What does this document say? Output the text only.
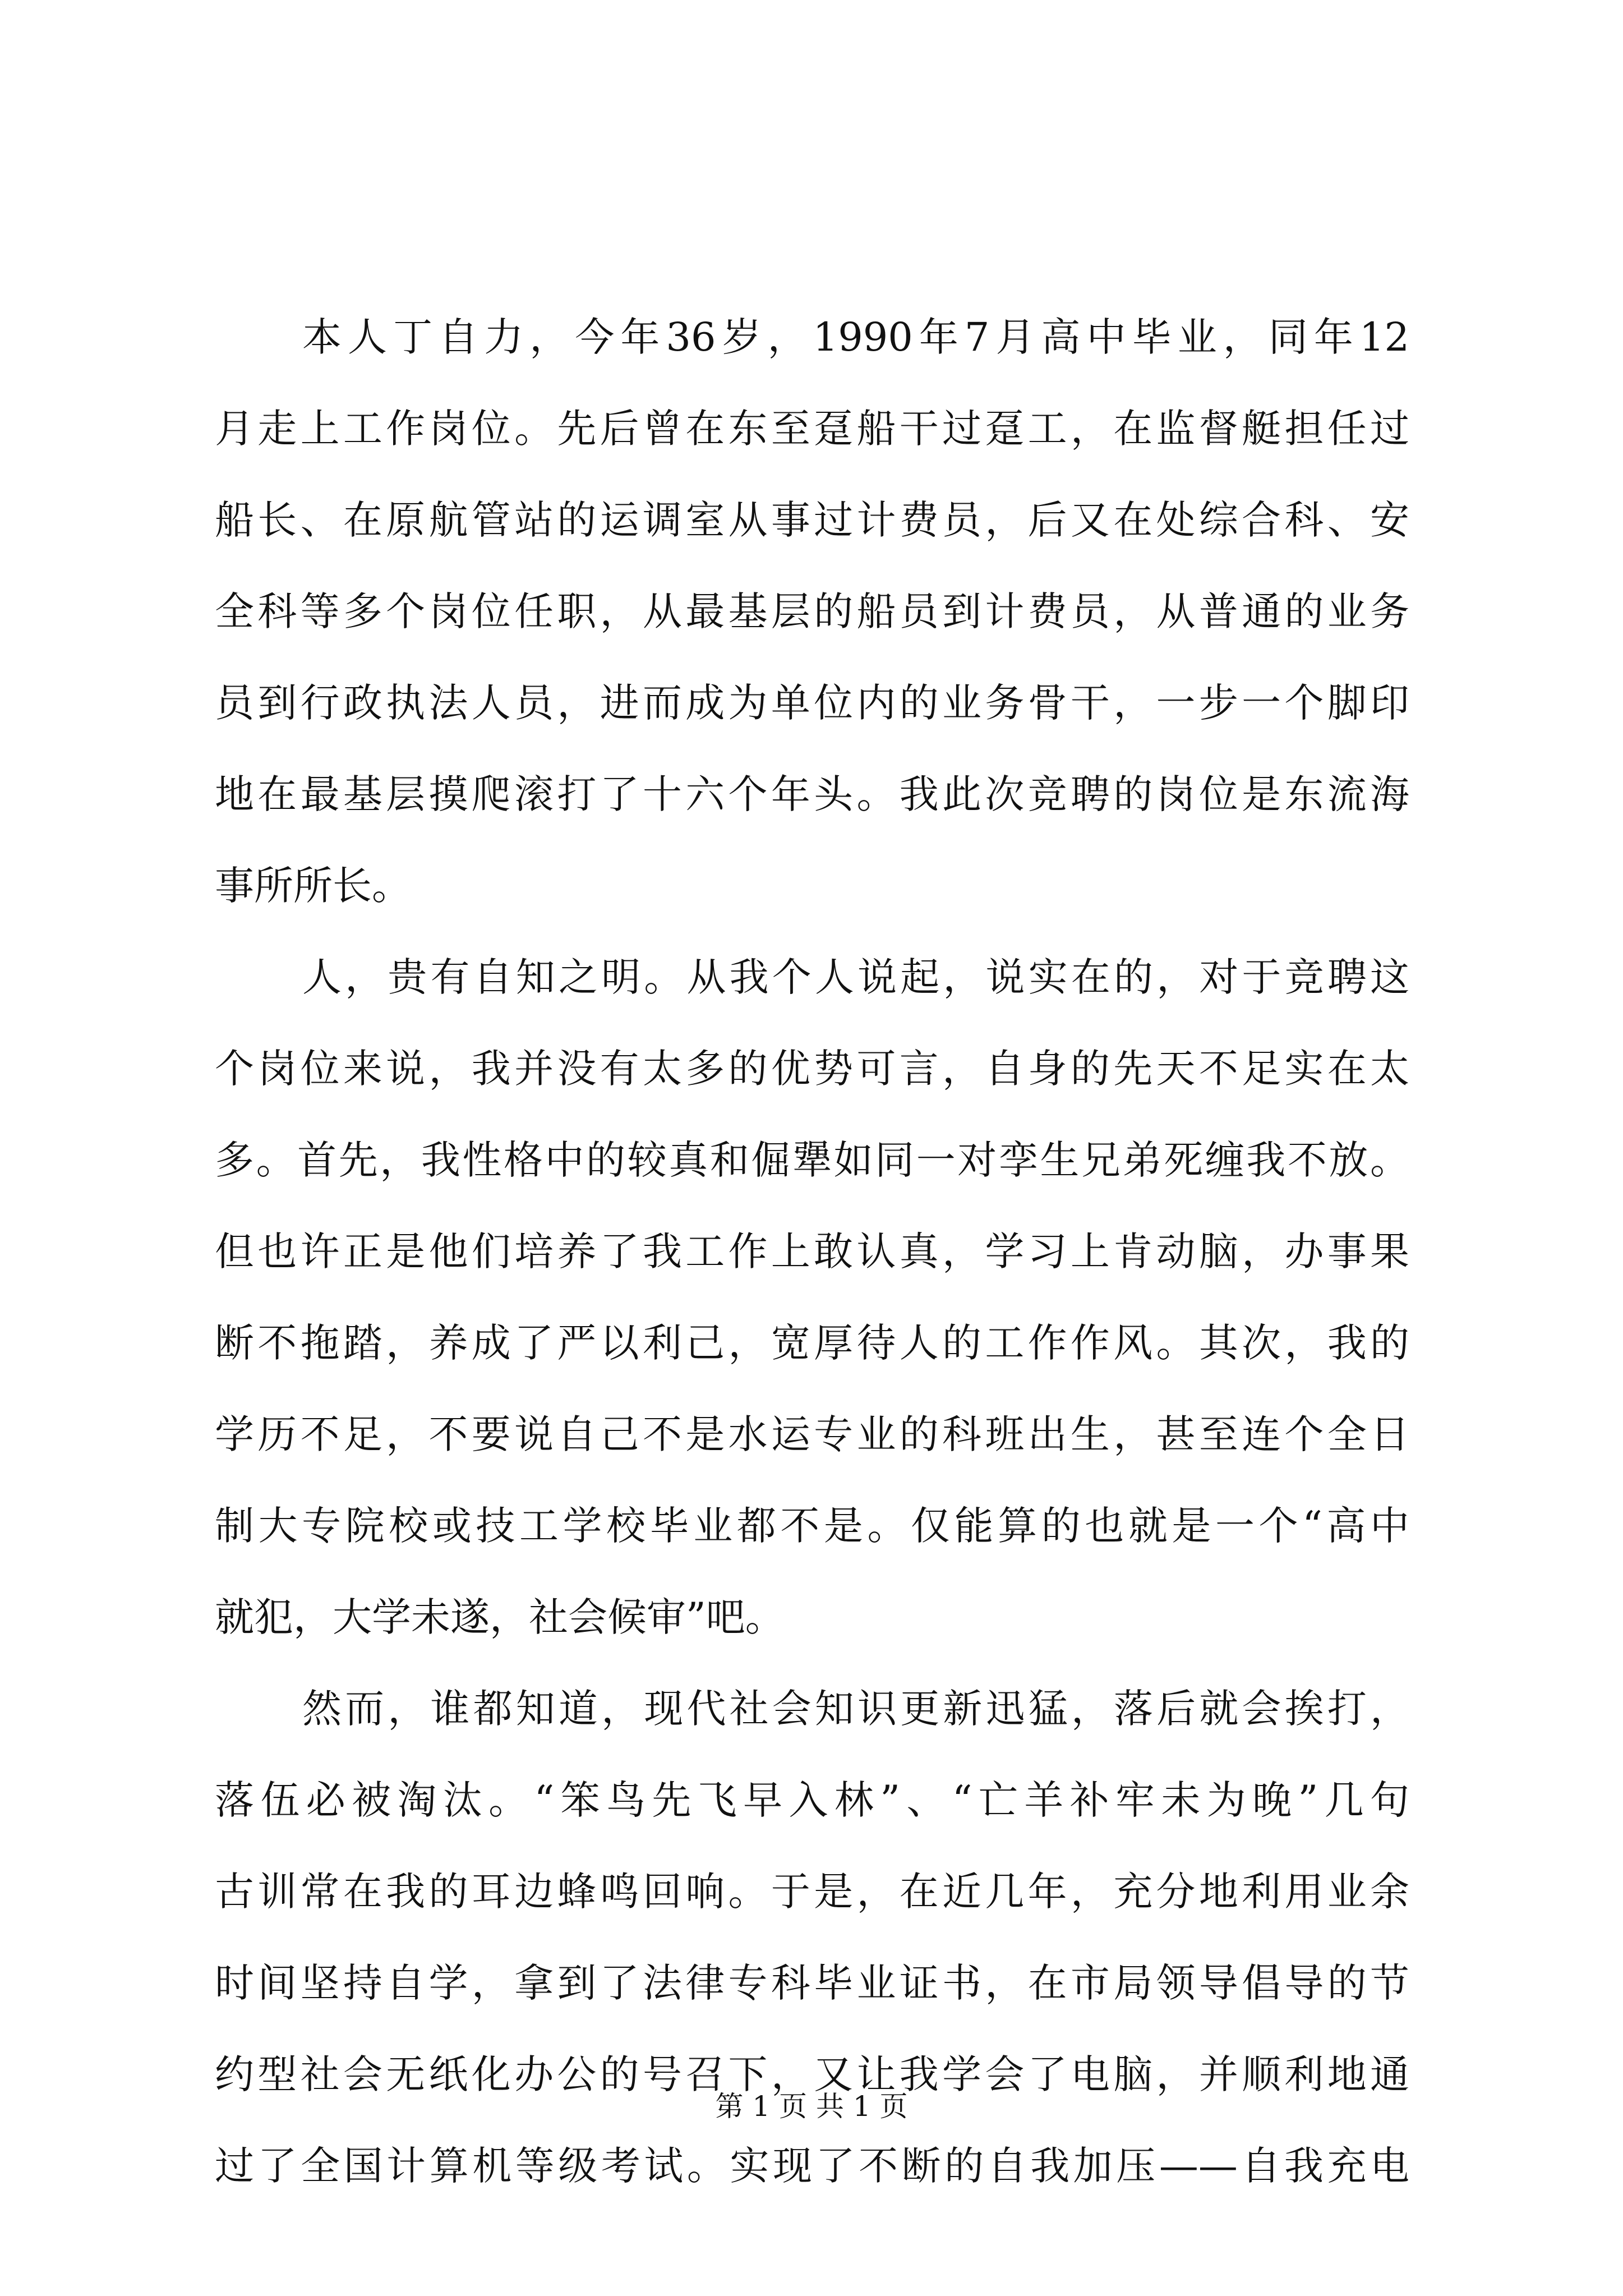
本人丁自力，今年36岁，1990年7月高中毕业，同年12
月走上工作岗位。先后曾在东至趸船干过趸工，在监督艇担任过
船长、在原航管站的运调室从事过计费员，后又在处综合科、安
全科等多个岗位任职，从最基层的船员到计费员，从普通的业务
员到行政执法人员，进而成为单位内的业务骨干，一步一个脚印
地在最基层摸爬滚打了十六个年头。我此次竞聘的岗位是东流海
事所所长。
人，贵有自知之明。从我个人说起，说实在的，对于竞聘这
个岗位来说，我并没有太多的优势可言，自身的先天不足实在太
多。首先，我性格中的较真和倔犟如同一对孪生兄弟死缠我不放。
但也许正是他们培养了我工作上敢认真，学习上肯动脑，办事果
断不拖踏，养成了严以利己，宽厚待人的工作作风。其次，我的
学历不足，不要说自己不是水运专业的科班出生，甚至连个全日
制大专院校或技工学校毕业都不是。仅能算的也就是一个“高中
就犯，大学未遂，社会候审”吧。
然而，谁都知道，现代社会知识更新迅猛，落后就会挨打，
落伍必被淘汰。“笨鸟先飞早入林”、“亡羊补牢未为晚”几句
古训常在我的耳边蜂鸣回响。于是，在近几年，充分地利用业余
时间坚持自学，拿到了法律专科毕业证书，在市局领导倡导的节
约型社会无纸化办公的号召下，又让我学会了电脑，并顺利地通
过了全国计算机等级考试。实现了不断的自我加压——自我充电
第 1 页 共 1 页
